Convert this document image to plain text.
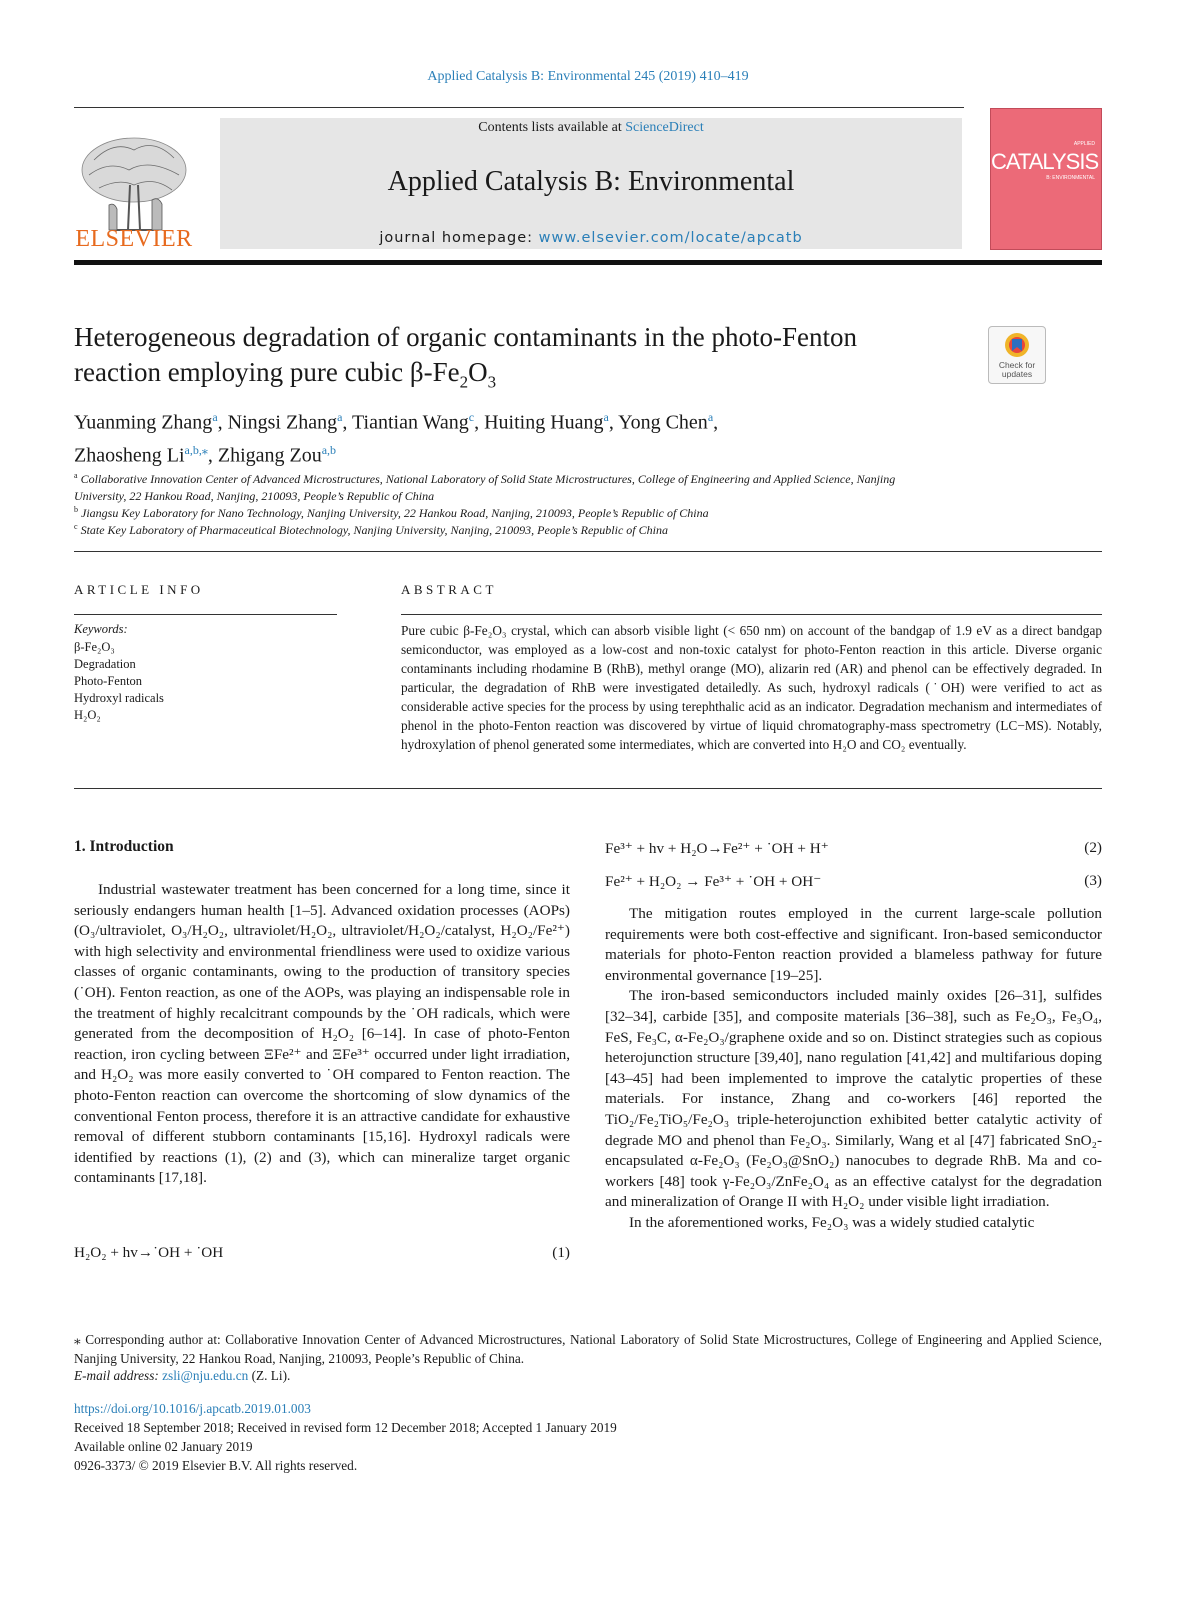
Applied Catalysis B: Environmental 245 (2019) 410–419
ELSEVIER
Contents lists available at ScienceDirect
Applied Catalysis B: Environmental
journal homepage: www.elsevier.com/locate/apcatb
APPLIED
CATALYSIS
B: ENVIRONMENTAL
Heterogeneous degradation of organic contaminants in the photo-Fenton
reaction employing pure cubic $\beta-Fe_2O_3$
Check for
updates
Yuanming Zhang$^a$, Ningsi Zhang$^a$, Tiantian Wang$^c$, Huiting Huang$^a$, Yong Chen$^a$,
Zhaosheng $Li^{a,b,⁎}$, Zhigang Zou$^{a,b}$
$^a$ Collaborative Innovation Center of Advanced Microstructures, National Laboratory of Solid State Microstructures, College of Engineering and Applied Science, Nanjing
University, 22 Hankou Road, Nanjing, 210093, People’s Republic of China
$^b$ Jiangsu Key Laboratory for Nano Technology, Nanjing University, 22 Hankou Road, Nanjing, 210093, People’s Republic of China
$^c$ State Key Laboratory of Pharmaceutical Biotechnology, Nanjing University, Nanjing, 210093, People’s Republic of China
ARTICLE INFO
Keywords:
β-Fe₂O₃
Degradation
Photo-Fenton
Hydroxyl radicals
H₂O₂
ABSTRACT
Pure cubic β-Fe₂O₃ crystal, which can absorb visible light (< 650 nm) on account of the bandgap of 1.9 eV as a direct bandgap semiconductor, was employed as a low-cost and non-toxic catalyst for photo-Fenton reaction in this article. Diverse organic contaminants including rhodamine B (RhB), methyl orange (MO), alizarin red (AR) and phenol can be effectively degraded. In particular, the degradation of RhB were investigated detailedly. As such, hydroxyl radicals (˙OH) were verified to act as considerable active species for the process by using terephthalic acid as an indicator. Degradation mechanism and intermediates of phenol in the photo-Fenton reaction was discovered by virtue of liquid chromatography-mass spectrometry (LC−MS). Notably, hydroxylation of phenol generated some intermediates, which are converted into H₂O and CO₂ eventually.
1. Introduction

Industrial wastewater treatment has been concerned for a long time, since it seriously endangers human health [1–5]. Advanced oxidation processes (AOPs) (O₃/ultraviolet, O₃/H₂O₂, ultraviolet/H₂O₂, ultraviolet/H₂O₂/catalyst, H₂O₂/Fe²⁺) with high selectivity and environmental friendliness were used to oxidize various classes of organic contaminants, owing to the production of transitory species (˙OH). Fenton reaction, as one of the AOPs, was playing an indispensable role in the treatment of highly recalcitrant compounds by the ˙OH radicals, which were generated from the decomposition of H₂O₂ [6–14]. In case of photo-Fenton reaction, iron cycling between ΞFe²⁺ and ΞFe³⁺ occurred under light irradiation, and H₂O₂ was more easily converted to ˙OH compared to Fenton reaction. The photo-Fenton reaction can overcome the shortcoming of slow dynamics of the conventional Fenton process, therefore it is an attractive candidate for exhaustive removal of different stubborn contaminants [15,16]. Hydroxyl radicals were identified by reactions (1), (2) and (3), which can mineralize target organic contaminants [17,18].

H₂O₂ + hv→˙OH + ˙OH	(1)
Fe³⁺ + hv + H₂O→Fe²⁺ + ˙OH + H⁺	(2)
Fe²⁺ + H₂O₂ → Fe³⁺ + ˙OH + OH⁻	(3)

The mitigation routes employed in the current large-scale pollution requirements were both cost-effective and significant. Iron-based semiconductor materials for photo-Fenton reaction provided a blameless pathway for future environmental governance [19–25].

The iron-based semiconductors included mainly oxides [26–31], sulfides [32–34], carbide [35], and composite materials [36–38], such as Fe₂O₃, Fe₃O₄, FeS, Fe₃C, α-Fe₂O₃/graphene oxide and so on. Distinct strategies such as copious heterojunction structure [39,40], nano regulation [41,42] and multifarious doping [43–45] had been implemented to improve the catalytic properties of these materials. For instance, Zhang and co-workers [46] reported the TiO₂/Fe₂TiO₅/Fe₂O₃ triple-heterojunction exhibited better catalytic activity of degrade MO and phenol than Fe₂O₃. Similarly, Wang et al [47] fabricated SnO₂-encapsulated α-Fe₂O₃ (Fe₂O₃@SnO₂) nanocubes to degrade RhB. Ma and co-workers [48] took γ-Fe₂O₃/ZnFe₂O₄ as an effective catalyst for the degradation and mineralization of Orange II with H₂O₂ under visible light irradiation.

In the aforementioned works, Fe₂O₃ was a widely studied catalytic

⁎ Corresponding author at: Collaborative Innovation Center of Advanced Microstructures, National Laboratory of Solid State Microstructures, College of Engineering and Applied Science, Nanjing University, 22 Hankou Road, Nanjing, 210093, People’s Republic of China.
E-mail address: zsli@nju.edu.cn (Z. Li).
https://doi.org/10.1016/j.apcatb.2019.01.003
Received 18 September 2018; Received in revised form 12 December 2018; Accepted 1 January 2019
Available online 02 January 2019
0926-3373/ © 2019 Elsevier B.V. All rights reserved.
